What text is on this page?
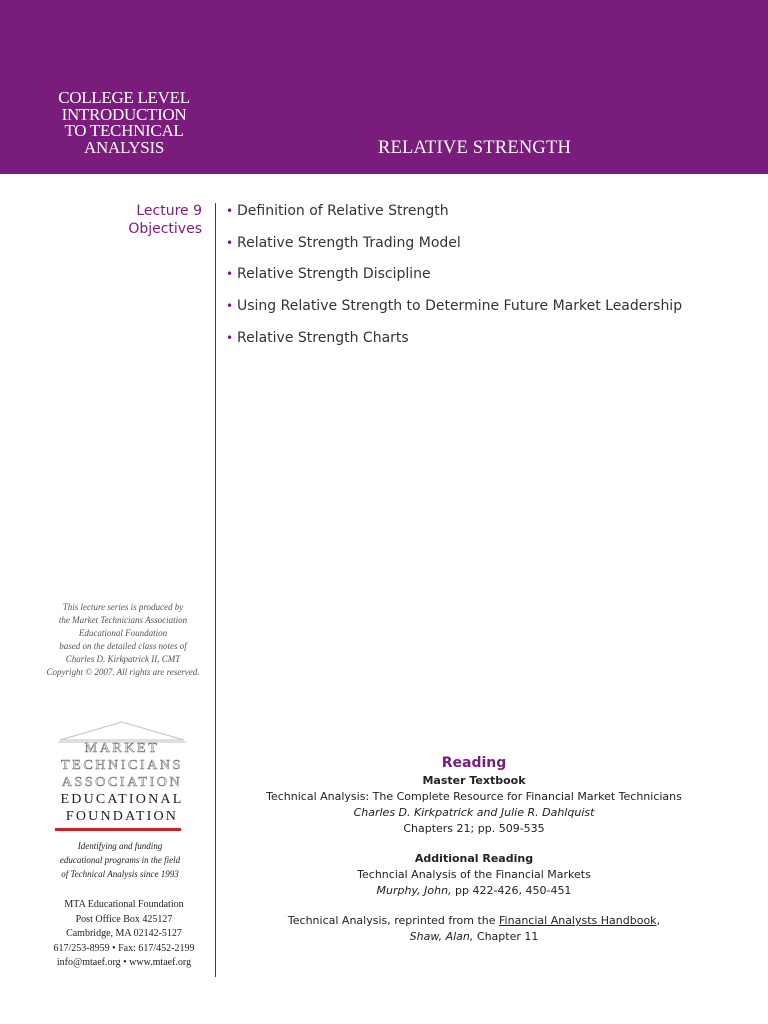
COLLEGE LEVEL
INTRODUCTION
TO TECHNICAL
ANALYSIS	RELATIVE STRENGTH
Lecture 9
Objectives
• Definition of Relative Strength
• Relative Strength Trading Model
• Relative Strength Discipline
• Using Relative Strength to Determine Future Market Leadership
• Relative Strength Charts
This lecture series is produced by
the Market Technicians Association
Educational Foundation
based on the detailed class notes of
Charles D. Kirkpatrick II, CMT
Copyright © 2007. All rights are reserved.
MARKET
TECHNICIANS
ASSOCIATION
EDUCATIONAL
FOUNDATION
Identifying and funding
educational programs in the field
of Technical Analysis since 1993
MTA Educational Foundation
Post Office Box 425127
Cambridge, MA 02142-5127
617/253-8959 • Fax: 617/452-2199
info@mtaef.org • www.mtaef.org
Reading
Master Textbook
Technical Analysis: The Complete Resource for Financial Market Technicians
Charles D. Kirkpatrick and Julie R. Dahlquist
Chapters 21; pp. 509-535
Additional Reading
Techncial Analysis of the Financial Markets
Murphy, John, pp 422-426, 450-451
Technical Analysis, reprinted from the Financial Analysts Handbook,
Shaw, Alan, Chapter 11
